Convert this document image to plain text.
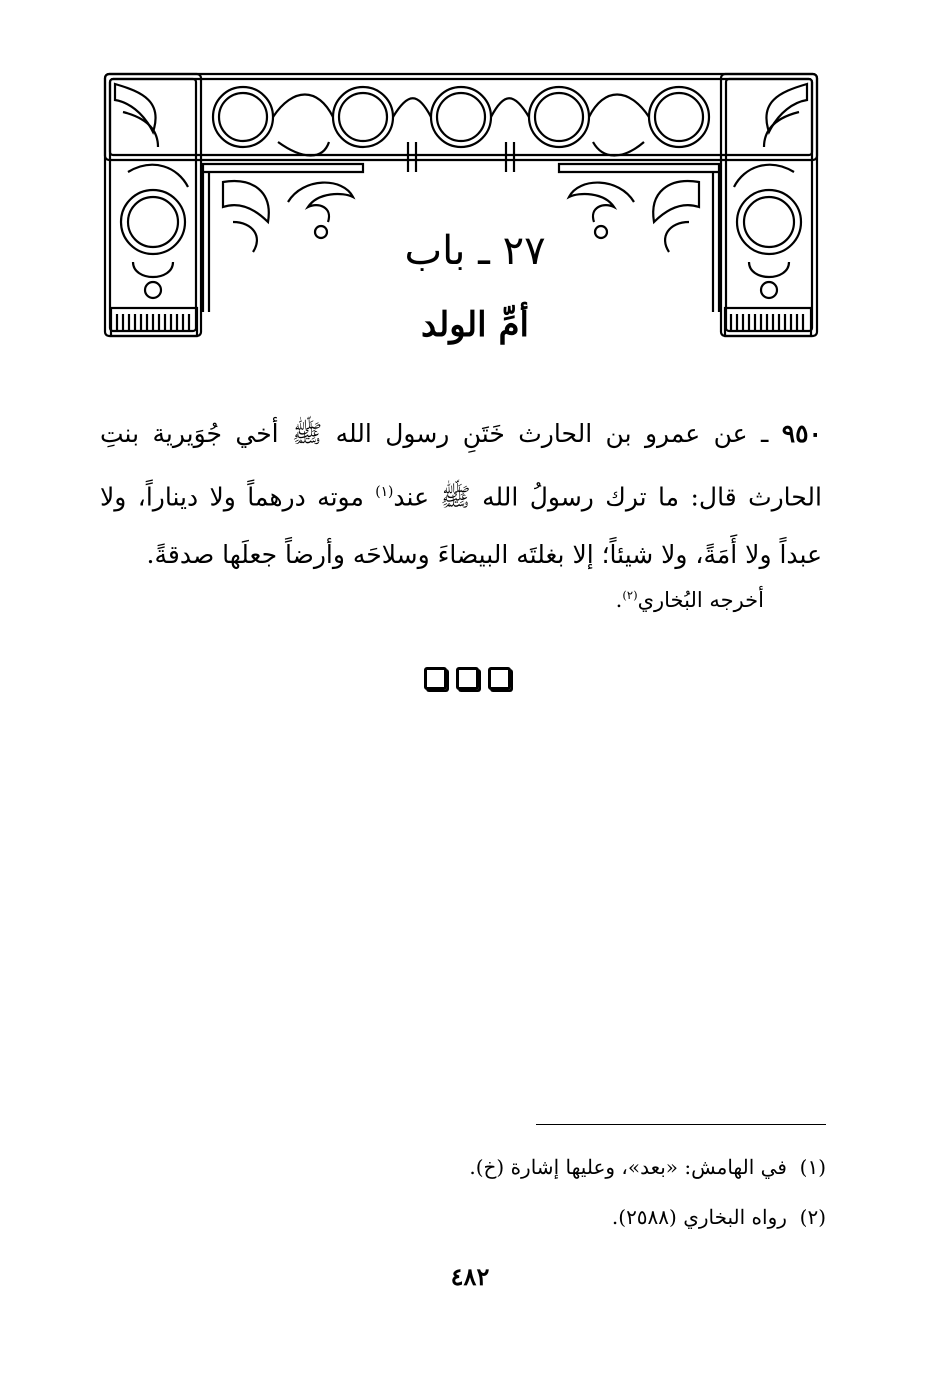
٢٧ ـ باب
أمِّ الولد
٩٥٠ ـ عن عمرو بن الحارث خَتَنِ رسول الله ﷺ أخي جُوَيرية بنتِ الحارث قال: ما ترك رسولُ الله ﷺ عند$^{(١)}$ موته درهماً ولا ديناراً، ولا عبداً ولا أَمَةً، ولا شيئاً؛ إلا بغلتَه البيضاءَ وسلاحَه وأرضاً جعلَها صدقةً.
أخرجه البُخاري$^{(٢)}$.
(١)  في الهامش: «بعد»، وعليها إشارة (خ).
(٢)  رواه البخاري (٢٥٨٨).
٤٨٢
